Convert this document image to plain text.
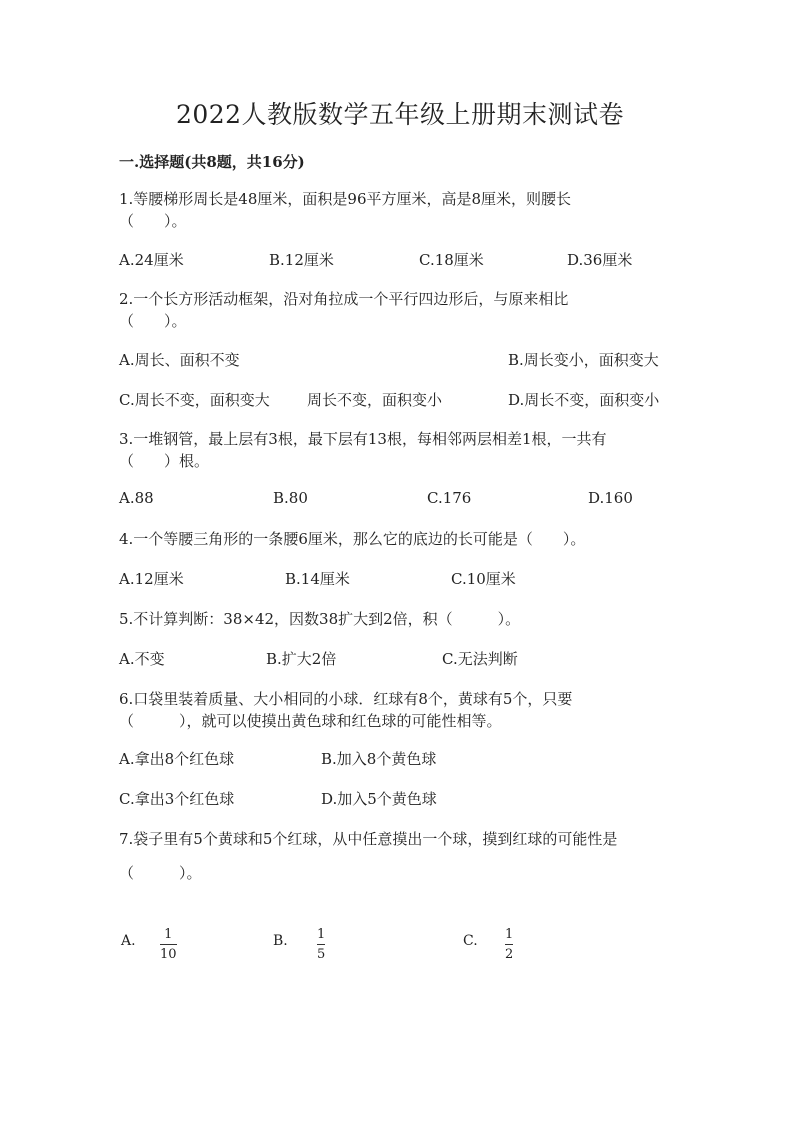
2022人教版数学五年级上册期末测试卷
一.选择题(共8题，共16分)
1.等腰梯形周长是48厘米，面积是96平方厘米，高是8厘米，则腰长
（　　）。
A.24厘米	B.12厘米	C.18厘米	D.36厘米
2.一个长方形活动框架，沿对角拉成一个平行四边形后，与原来相比
（　　）。
A.周长、面积不变	B.周长变小，面积变大
C.周长不变，面积变大 周长不变，面积变小	D.周长不变，面积变小
3.一堆钢管，最上层有3根，最下层有13根，每相邻两层相差1根，一共有
（　　）根。
A.88	B.80	C.176	D.160
4.一个等腰三角形的一条腰6厘米，那么它的底边的长可能是（　　）。
A.12厘米	B.14厘米	C.10厘米
5.不计算判断：38×42，因数38扩大到2倍，积（　　　）。
A.不变	B.扩大2倍	C.无法判断
6.口袋里装着质量、大小相同的小球．红球有8个，黄球有5个，只要
（　　　），就可以使摸出黄色球和红色球的可能性相等。
A.拿出8个红色球	B.加入8个黄色球
C.拿出3个红色球	D.加入5个黄色球
7.袋子里有5个黄球和5个红球，从中任意摸出一个球，摸到红球的可能性是
（　　　）。
A. 1
10
B. 1
5
C. 1
2
